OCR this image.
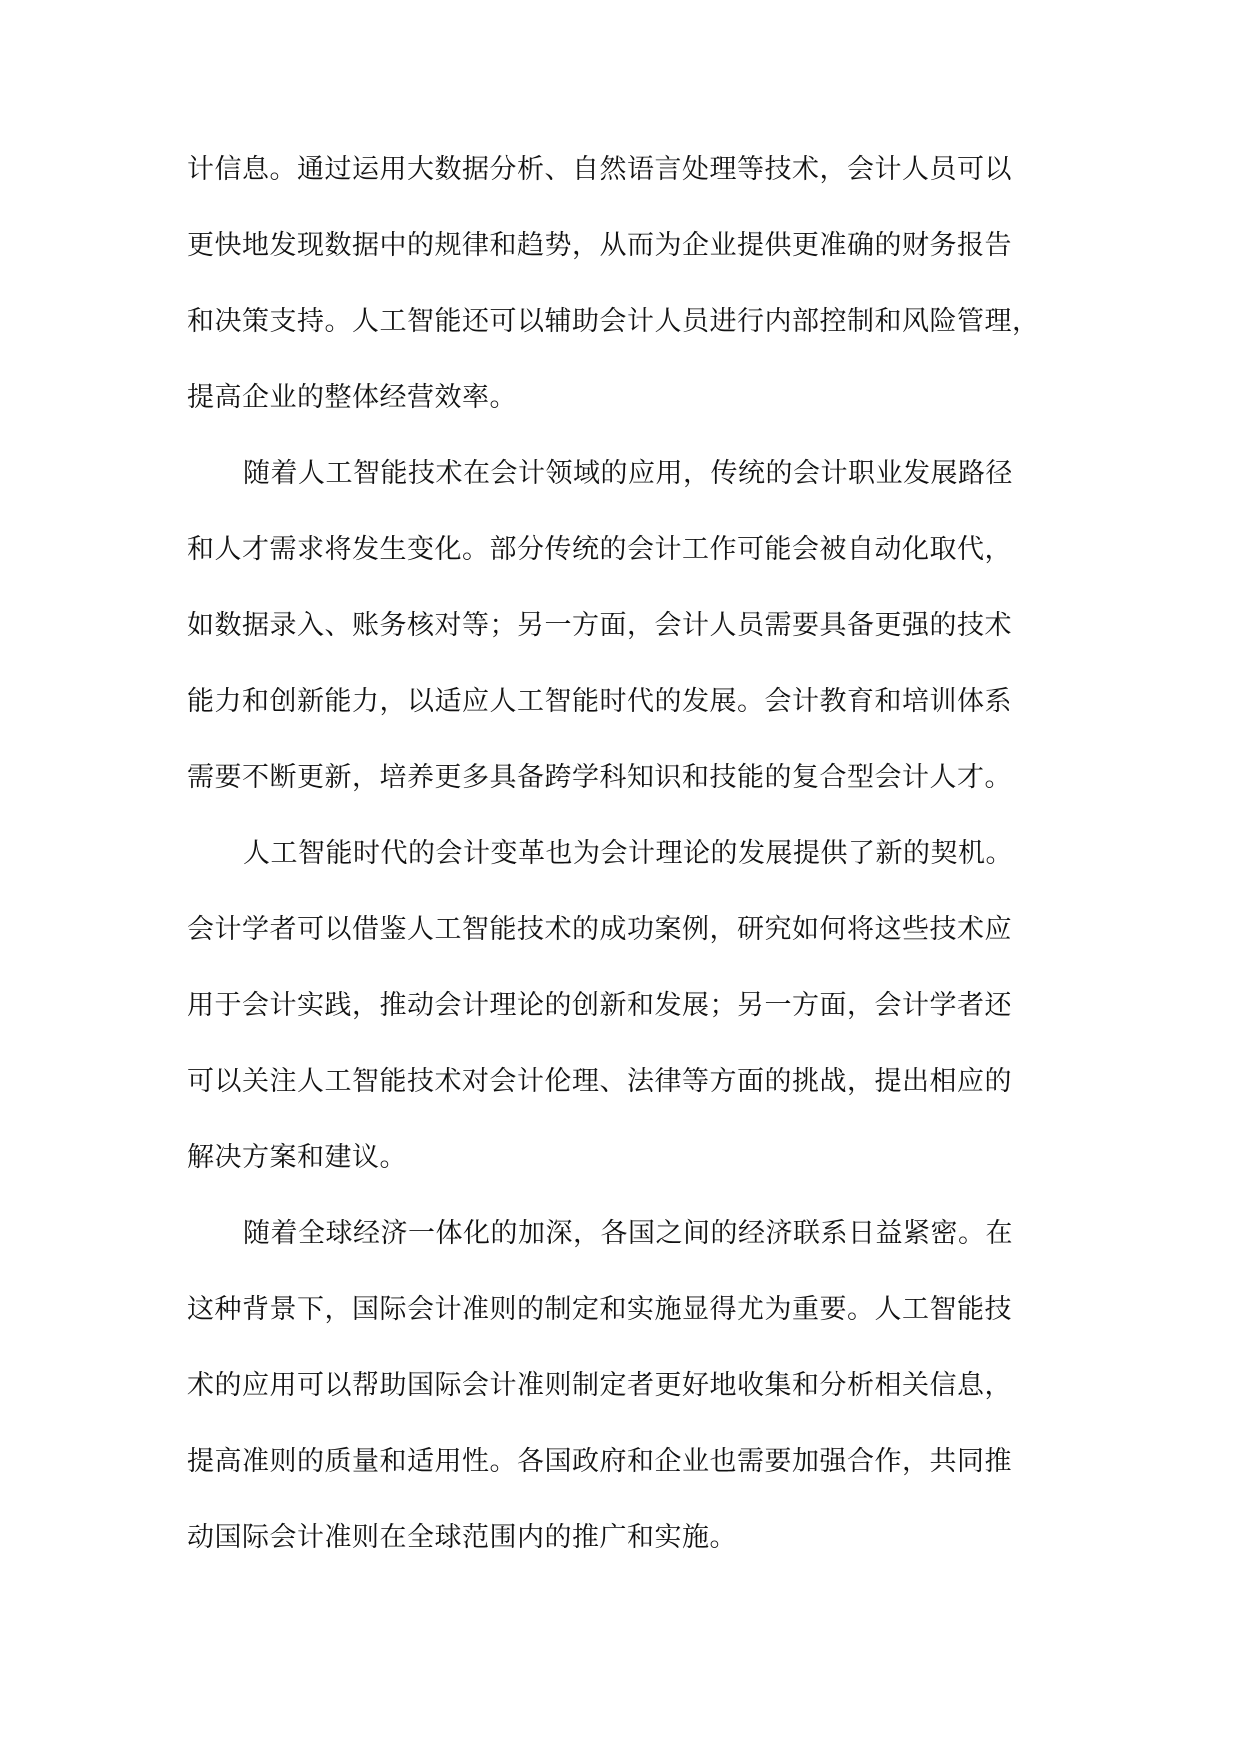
计信息。通过运用大数据分析、自然语言处理等技术，会计人员可以
更快地发现数据中的规律和趋势，从而为企业提供更准确的财务报告
和决策支持。人工智能还可以辅助会计人员进行内部控制和风险管理，
提高企业的整体经营效率。
随着人工智能技术在会计领域的应用，传统的会计职业发展路径
和人才需求将发生变化。部分传统的会计工作可能会被自动化取代，
如数据录入、账务核对等；另一方面，会计人员需要具备更强的技术
能力和创新能力，以适应人工智能时代的发展。会计教育和培训体系
需要不断更新，培养更多具备跨学科知识和技能的复合型会计人才。
人工智能时代的会计变革也为会计理论的发展提供了新的契机。
会计学者可以借鉴人工智能技术的成功案例，研究如何将这些技术应
用于会计实践，推动会计理论的创新和发展；另一方面，会计学者还
可以关注人工智能技术对会计伦理、法律等方面的挑战，提出相应的
解决方案和建议。
随着全球经济一体化的加深，各国之间的经济联系日益紧密。在
这种背景下，国际会计准则的制定和实施显得尤为重要。人工智能技
术的应用可以帮助国际会计准则制定者更好地收集和分析相关信息，
提高准则的质量和适用性。各国政府和企业也需要加强合作，共同推
动国际会计准则在全球范围内的推广和实施。
